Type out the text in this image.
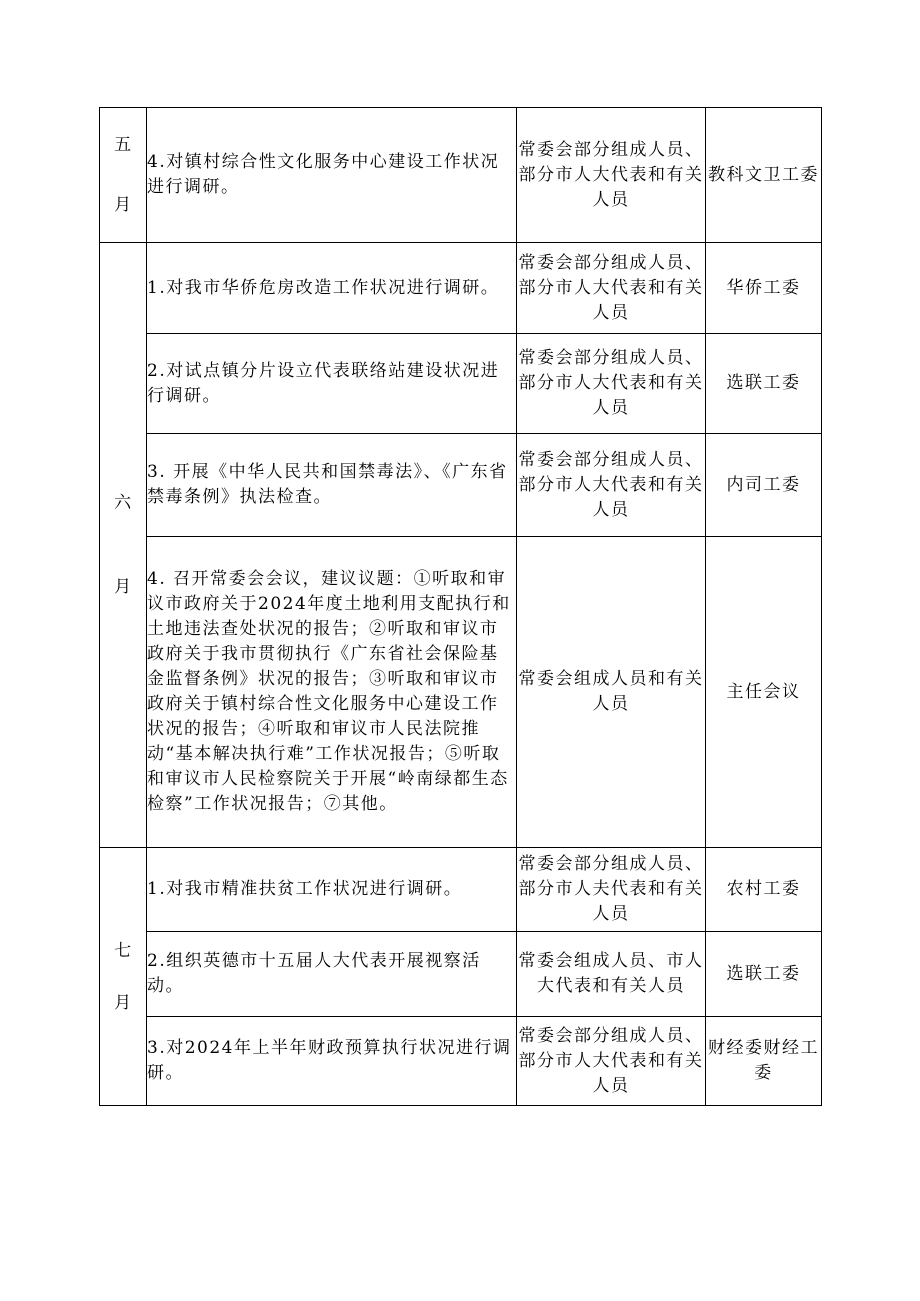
五月	4.对镇村综合性文化服务中心建设工作状况进行调研。	常委会部分组成人员、部分市人大代表和有关人员	教科文卫工委

六月	1.对我市华侨危房改造工作状况进行调研。	常委会部分组成人员、部分市人大代表和有关人员	华侨工委

	2.对试点镇分片设立代表联络站建设状况进行调研。	常委会部分组成人员、部分市人大代表和有关人员	选联工委

	3. 开展《中华人民共和国禁毒法》、《广东省禁毒条例》执法检查。	常委会部分组成人员、部分市人大代表和有关人员	内司工委

	4. 召开常委会会议，建议议题：①听取和审议市政府关于2024年度土地利用支配执行和土地违法查处状况的报告；②听取和审议市政府关于我市贯彻执行《广东省社会保险基金监督条例》状况的报告；③听取和审议市政府关于镇村综合性文化服务中心建设工作状况的报告；④听取和审议市人民法院推动“基本解决执行难”工作状况报告；⑤听取和审议市人民检察院关于开展“岭南绿都生态检察”工作状况报告；⑦其他。	常委会组成人员和有关人员	主任会议

七月	1.对我市精准扶贫工作状况进行调研。	常委会部分组成人员、部分市人夫代表和有关人员	农村工委

	2.组织英德市十五届人大代表开展视察活动。	常委会组成人员、市人大代表和有关人员	选联工委

	3.对2024年上半年财政预算执行状况进行调研。	常委会部分组成人员、部分市人大代表和有关人员	财经委财经工委
